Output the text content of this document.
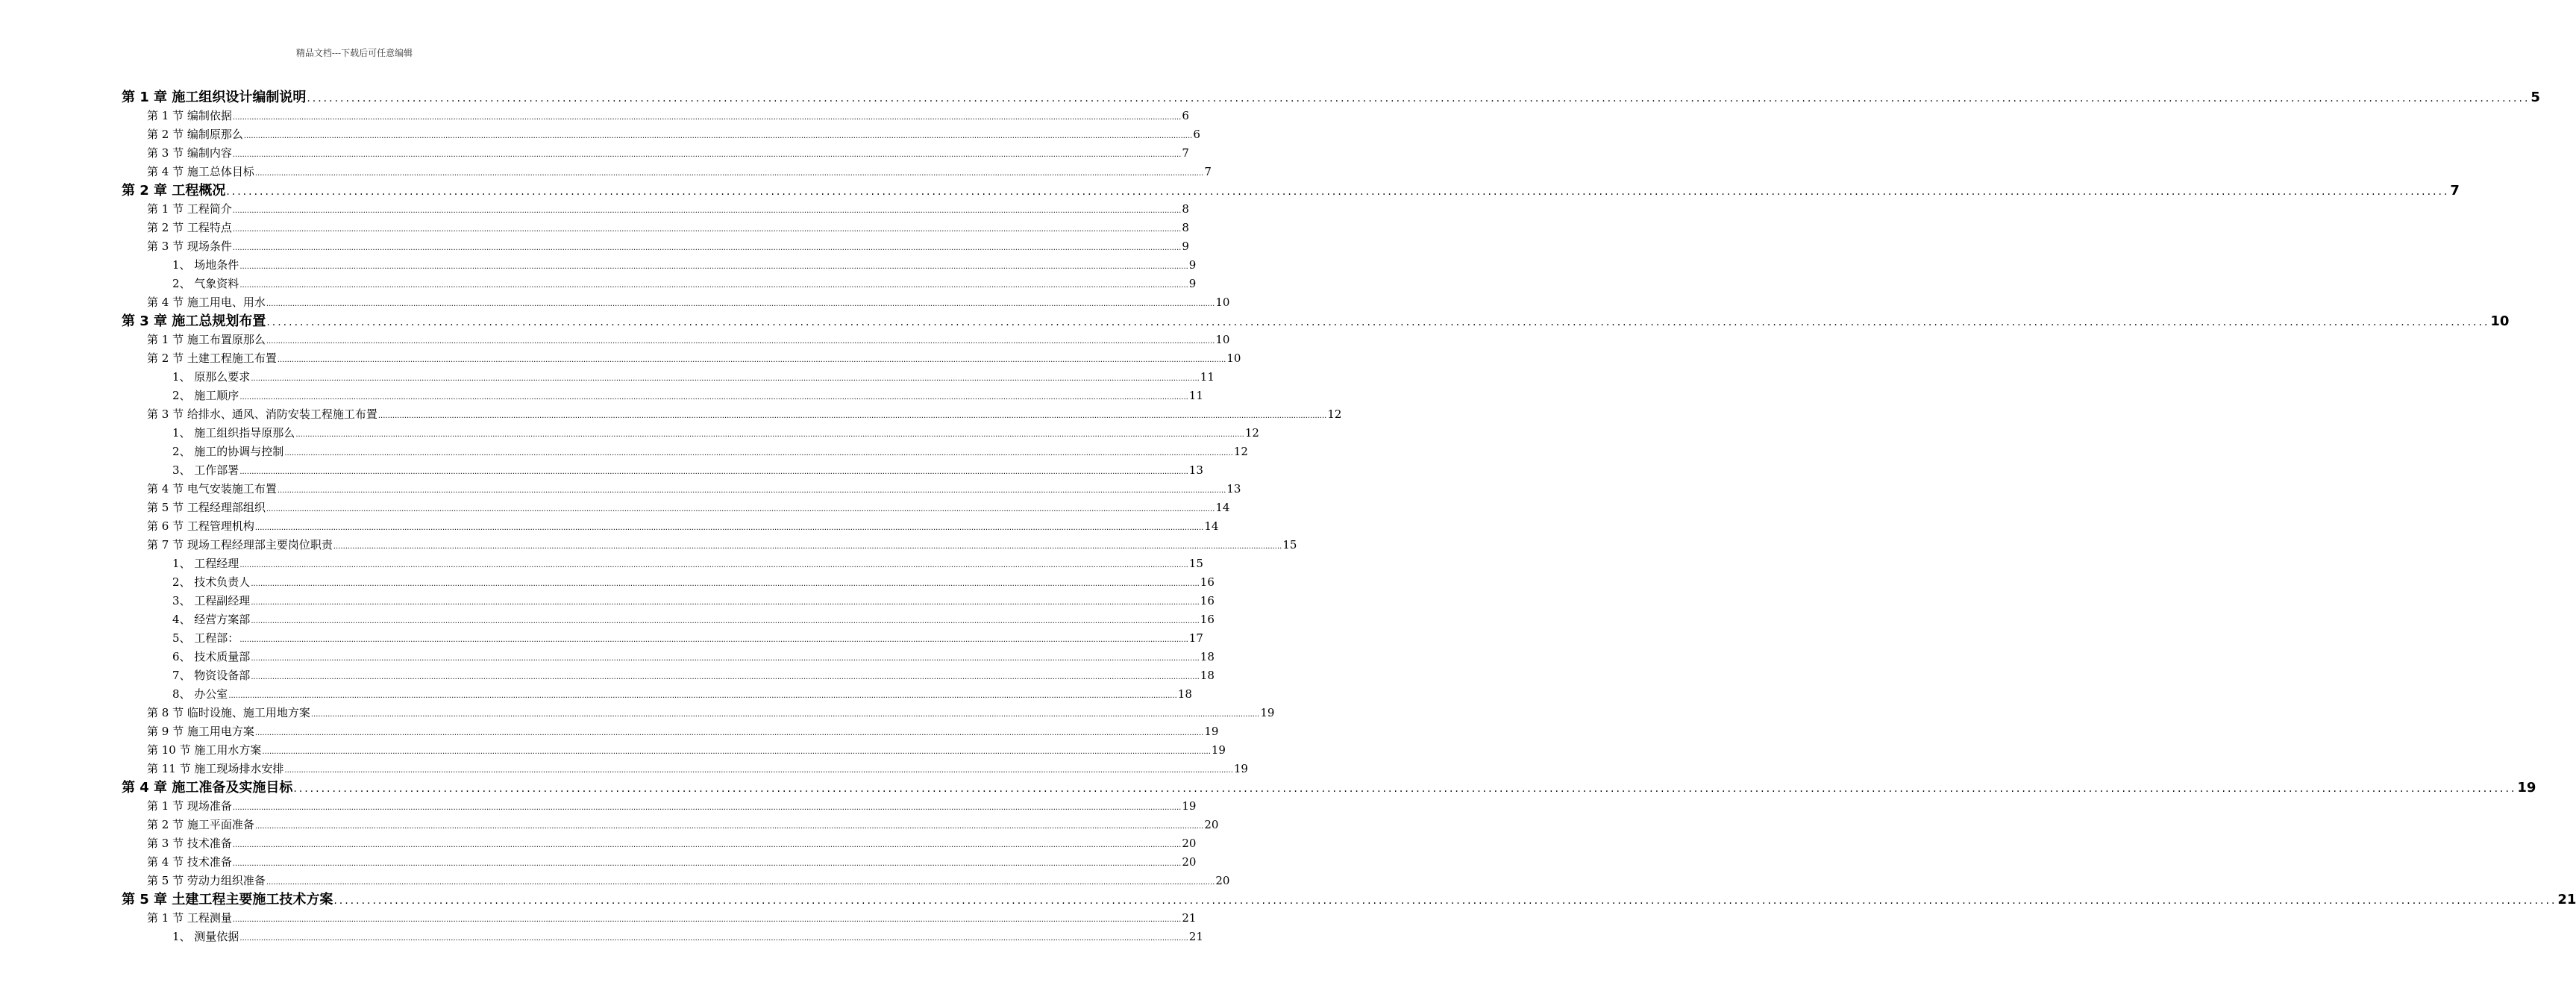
精品文档---下载后可任意编辑
第 1 章 施工组织设计编制说明 ................................................................................................................................................................................................................................................................................................................................................................................................................ 5
第 1 节 编制依据 ................................................................................................................................................................................................................................................................................................................................................................................................................ 6
第 2 节 编制原那么 ................................................................................................................................................................................................................................................................................................................................................................................................................ 6
第 3 节 编制内容 ................................................................................................................................................................................................................................................................................................................................................................................................................ 7
第 4 节 施工总体目标 ................................................................................................................................................................................................................................................................................................................................................................................................................ 7
第 2 章 工程概况 ................................................................................................................................................................................................................................................................................................................................................................................................................ 7
第 1 节 工程简介 ................................................................................................................................................................................................................................................................................................................................................................................................................ 8
第 2 节 工程特点 ................................................................................................................................................................................................................................................................................................................................................................................................................ 8
第 3 节 现场条件 ................................................................................................................................................................................................................................................................................................................................................................................................................ 9
1、 场地条件 ................................................................................................................................................................................................................................................................................................................................................................................................................ 9
2、 气象资料 ................................................................................................................................................................................................................................................................................................................................................................................................................ 9
第 4 节 施工用电、用水 ................................................................................................................................................................................................................................................................................................................................................................................................................ 10
第 3 章 施工总规划布置 ................................................................................................................................................................................................................................................................................................................................................................................................................ 10
第 1 节 施工布置原那么 ................................................................................................................................................................................................................................................................................................................................................................................................................ 10
第 2 节 土建工程施工布置 ................................................................................................................................................................................................................................................................................................................................................................................................................ 10
1、 原那么要求 ................................................................................................................................................................................................................................................................................................................................................................................................................ 11
2、 施工顺序 ................................................................................................................................................................................................................................................................................................................................................................................................................ 11
第 3 节 给排水、通风、消防安装工程施工布置 ................................................................................................................................................................................................................................................................................................................................................................................................................ 12
1、 施工组织指导原那么 ................................................................................................................................................................................................................................................................................................................................................................................................................ 12
2、 施工的协调与控制 ................................................................................................................................................................................................................................................................................................................................................................................................................ 12
3、 工作部署 ................................................................................................................................................................................................................................................................................................................................................................................................................ 13
第 4 节 电气安装施工布置 ................................................................................................................................................................................................................................................................................................................................................................................................................ 13
第 5 节 工程经理部组织 ................................................................................................................................................................................................................................................................................................................................................................................................................ 14
第 6 节 工程管理机构 ................................................................................................................................................................................................................................................................................................................................................................................................................ 14
第 7 节 现场工程经理部主要岗位职责 ................................................................................................................................................................................................................................................................................................................................................................................................................ 15
1、 工程经理 ................................................................................................................................................................................................................................................................................................................................................................................................................ 15
2、 技术负责人 ................................................................................................................................................................................................................................................................................................................................................................................................................ 16
3、 工程副经理 ................................................................................................................................................................................................................................................................................................................................................................................................................ 16
4、 经营方案部 ................................................................................................................................................................................................................................................................................................................................................................................................................ 16
5、 工程部： ................................................................................................................................................................................................................................................................................................................................................................................................................ 17
6、 技术质量部 ................................................................................................................................................................................................................................................................................................................................................................................................................ 18
7、 物资设备部 ................................................................................................................................................................................................................................................................................................................................................................................................................ 18
8、 办公室 ................................................................................................................................................................................................................................................................................................................................................................................................................ 18
第 8 节 临时设施、施工用地方案 ................................................................................................................................................................................................................................................................................................................................................................................................................ 19
第 9 节 施工用电方案 ................................................................................................................................................................................................................................................................................................................................................................................................................ 19
第 10 节 施工用水方案 ................................................................................................................................................................................................................................................................................................................................................................................................................ 19
第 11 节 施工现场排水安排 ................................................................................................................................................................................................................................................................................................................................................................................................................ 19
第 4 章 施工准备及实施目标 ................................................................................................................................................................................................................................................................................................................................................................................................................ 19
第 1 节 现场准备 ................................................................................................................................................................................................................................................................................................................................................................................................................ 19
第 2 节 施工平面准备 ................................................................................................................................................................................................................................................................................................................................................................................................................ 20
第 3 节 技术准备 ................................................................................................................................................................................................................................................................................................................................................................................................................ 20
第 4 节 技术准备 ................................................................................................................................................................................................................................................................................................................................................................................................................ 20
第 5 节 劳动力组织准备 ................................................................................................................................................................................................................................................................................................................................................................................................................ 20
第 5 章 土建工程主要施工技术方案 ................................................................................................................................................................................................................................................................................................................................................................................................................ 21
第 1 节 工程测量 ................................................................................................................................................................................................................................................................................................................................................................................................................ 21
1、 测量依据 ................................................................................................................................................................................................................................................................................................................................................................................................................ 21
